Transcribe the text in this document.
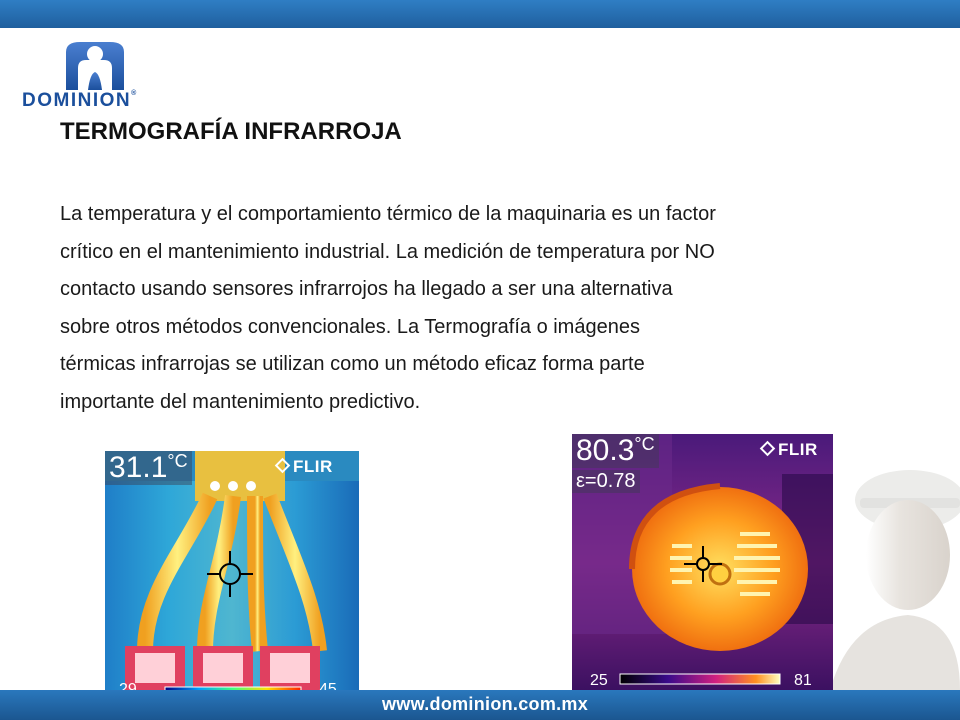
DOMINION®
TERMOGRAFÍA INFRARROJA
La temperatura y el comportamiento térmico de la maquinaria es un factor
crítico en el mantenimiento industrial. La medición de temperatura por NO
contacto usando sensores infrarrojos ha llegado a ser una alternativa
sobre otros métodos convencionales. La Termografía o imágenes
térmicas infrarrojas se utilizan como un método eficaz forma parte
importante del mantenimiento predictivo.
31.1°C	FLIR	80.3°C
ε=0.78
FLIR
25	81
www.dominion.com.mx
